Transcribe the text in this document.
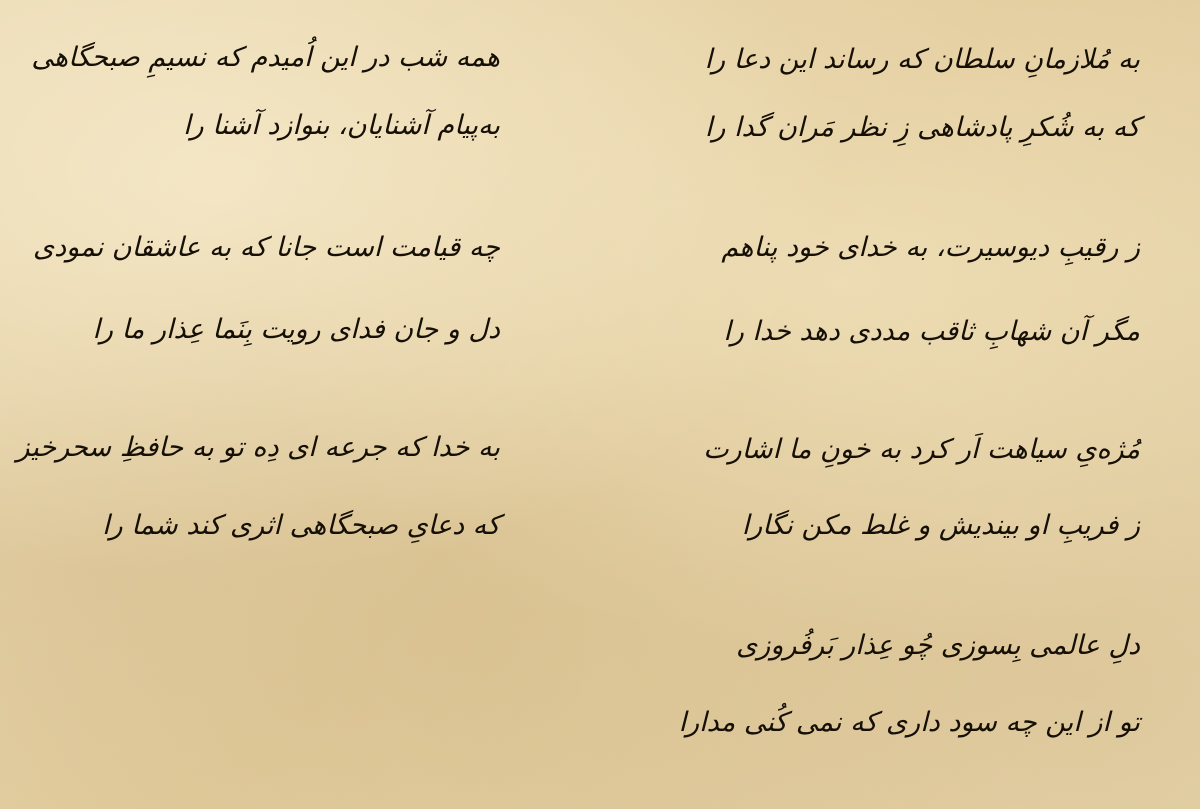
به مُلازمانِ سلطان که رساند این دعا را
که به شُکرِ پادشاهی زِ نظر مَران گدا را
ز رقیبِ دیوسیرت، به خدای خود پناهم
مگر آن شهابِ ثاقب مددی دهد خدا را
مُژه‌یِ سیاهت اَر کرد به خونِ ما اشارت
ز فریبِ او بیندیش و غلط مکن نگارا
دلِ عالمی بِسوزی چُو عِذار بَرفُروزی
تو از این چه سود داری که نمی کُنی مدارا
همه شب در این اُمیدم که نسیمِ صبحگاهی
به‌پیام آشنایان، بنوازد آشنا را
چه قیامت است جانا که به عاشقان نمودی
دل و جان فدای رویت بِنَما عِذار ما را
به خدا که جرعه ای دِه تو به حافظِ سحرخیز
که دعایِ صبحگاهی اثری کند شما را
